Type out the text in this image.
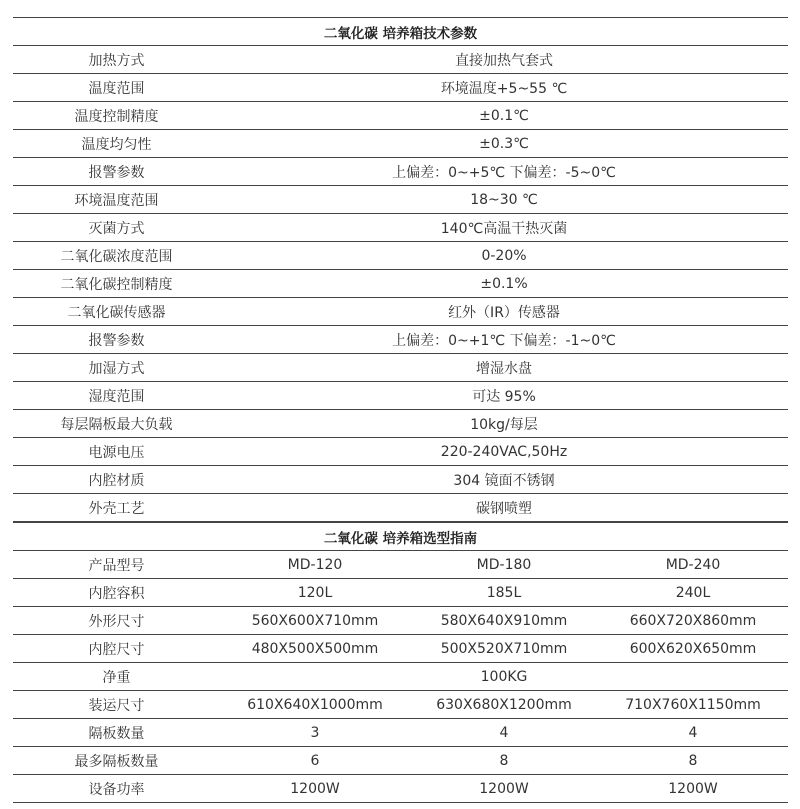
二氧化碳 培养箱技术参数	
加热方式	直接加热气套式
温度范围	环境温度+5~55 ℃
温度控制精度	±0.1℃
温度均匀性	±0.3℃
报警参数	上偏差：0~+5℃ 下偏差：-5~0℃
环境温度范围	18~30 ℃
灭菌方式	140℃高温干热灭菌
二氧化碳浓度范围	0-20%
二氧化碳控制精度	±0.1%
二氧化碳传感器	红外（IR）传感器
报警参数	上偏差：0~+1℃ 下偏差：-1~0℃
加湿方式	增湿水盘
湿度范围	可达 95%
每层隔板最大负载	10kg/每层
电源电压	220-240VAC,50Hz
内腔材质	304 镜面不锈钢
外壳工艺	碳钢喷塑
二氧化碳 培养箱选型指南			
产品型号	MD-120	MD-180	MD-240
内腔容积	120L	185L	240L
外形尺寸	560X600X710mm	580X640X910mm	660X720X860mm
内腔尺寸	480X500X500mm	500X520X710mm	600X620X650mm
净重	100KG		
装运尺寸	610X640X1000mm	630X680X1200mm	710X760X1150mm
隔板数量	3	4	4
最多隔板数量	6	8	8
设备功率	1200W	1200W	1200W
